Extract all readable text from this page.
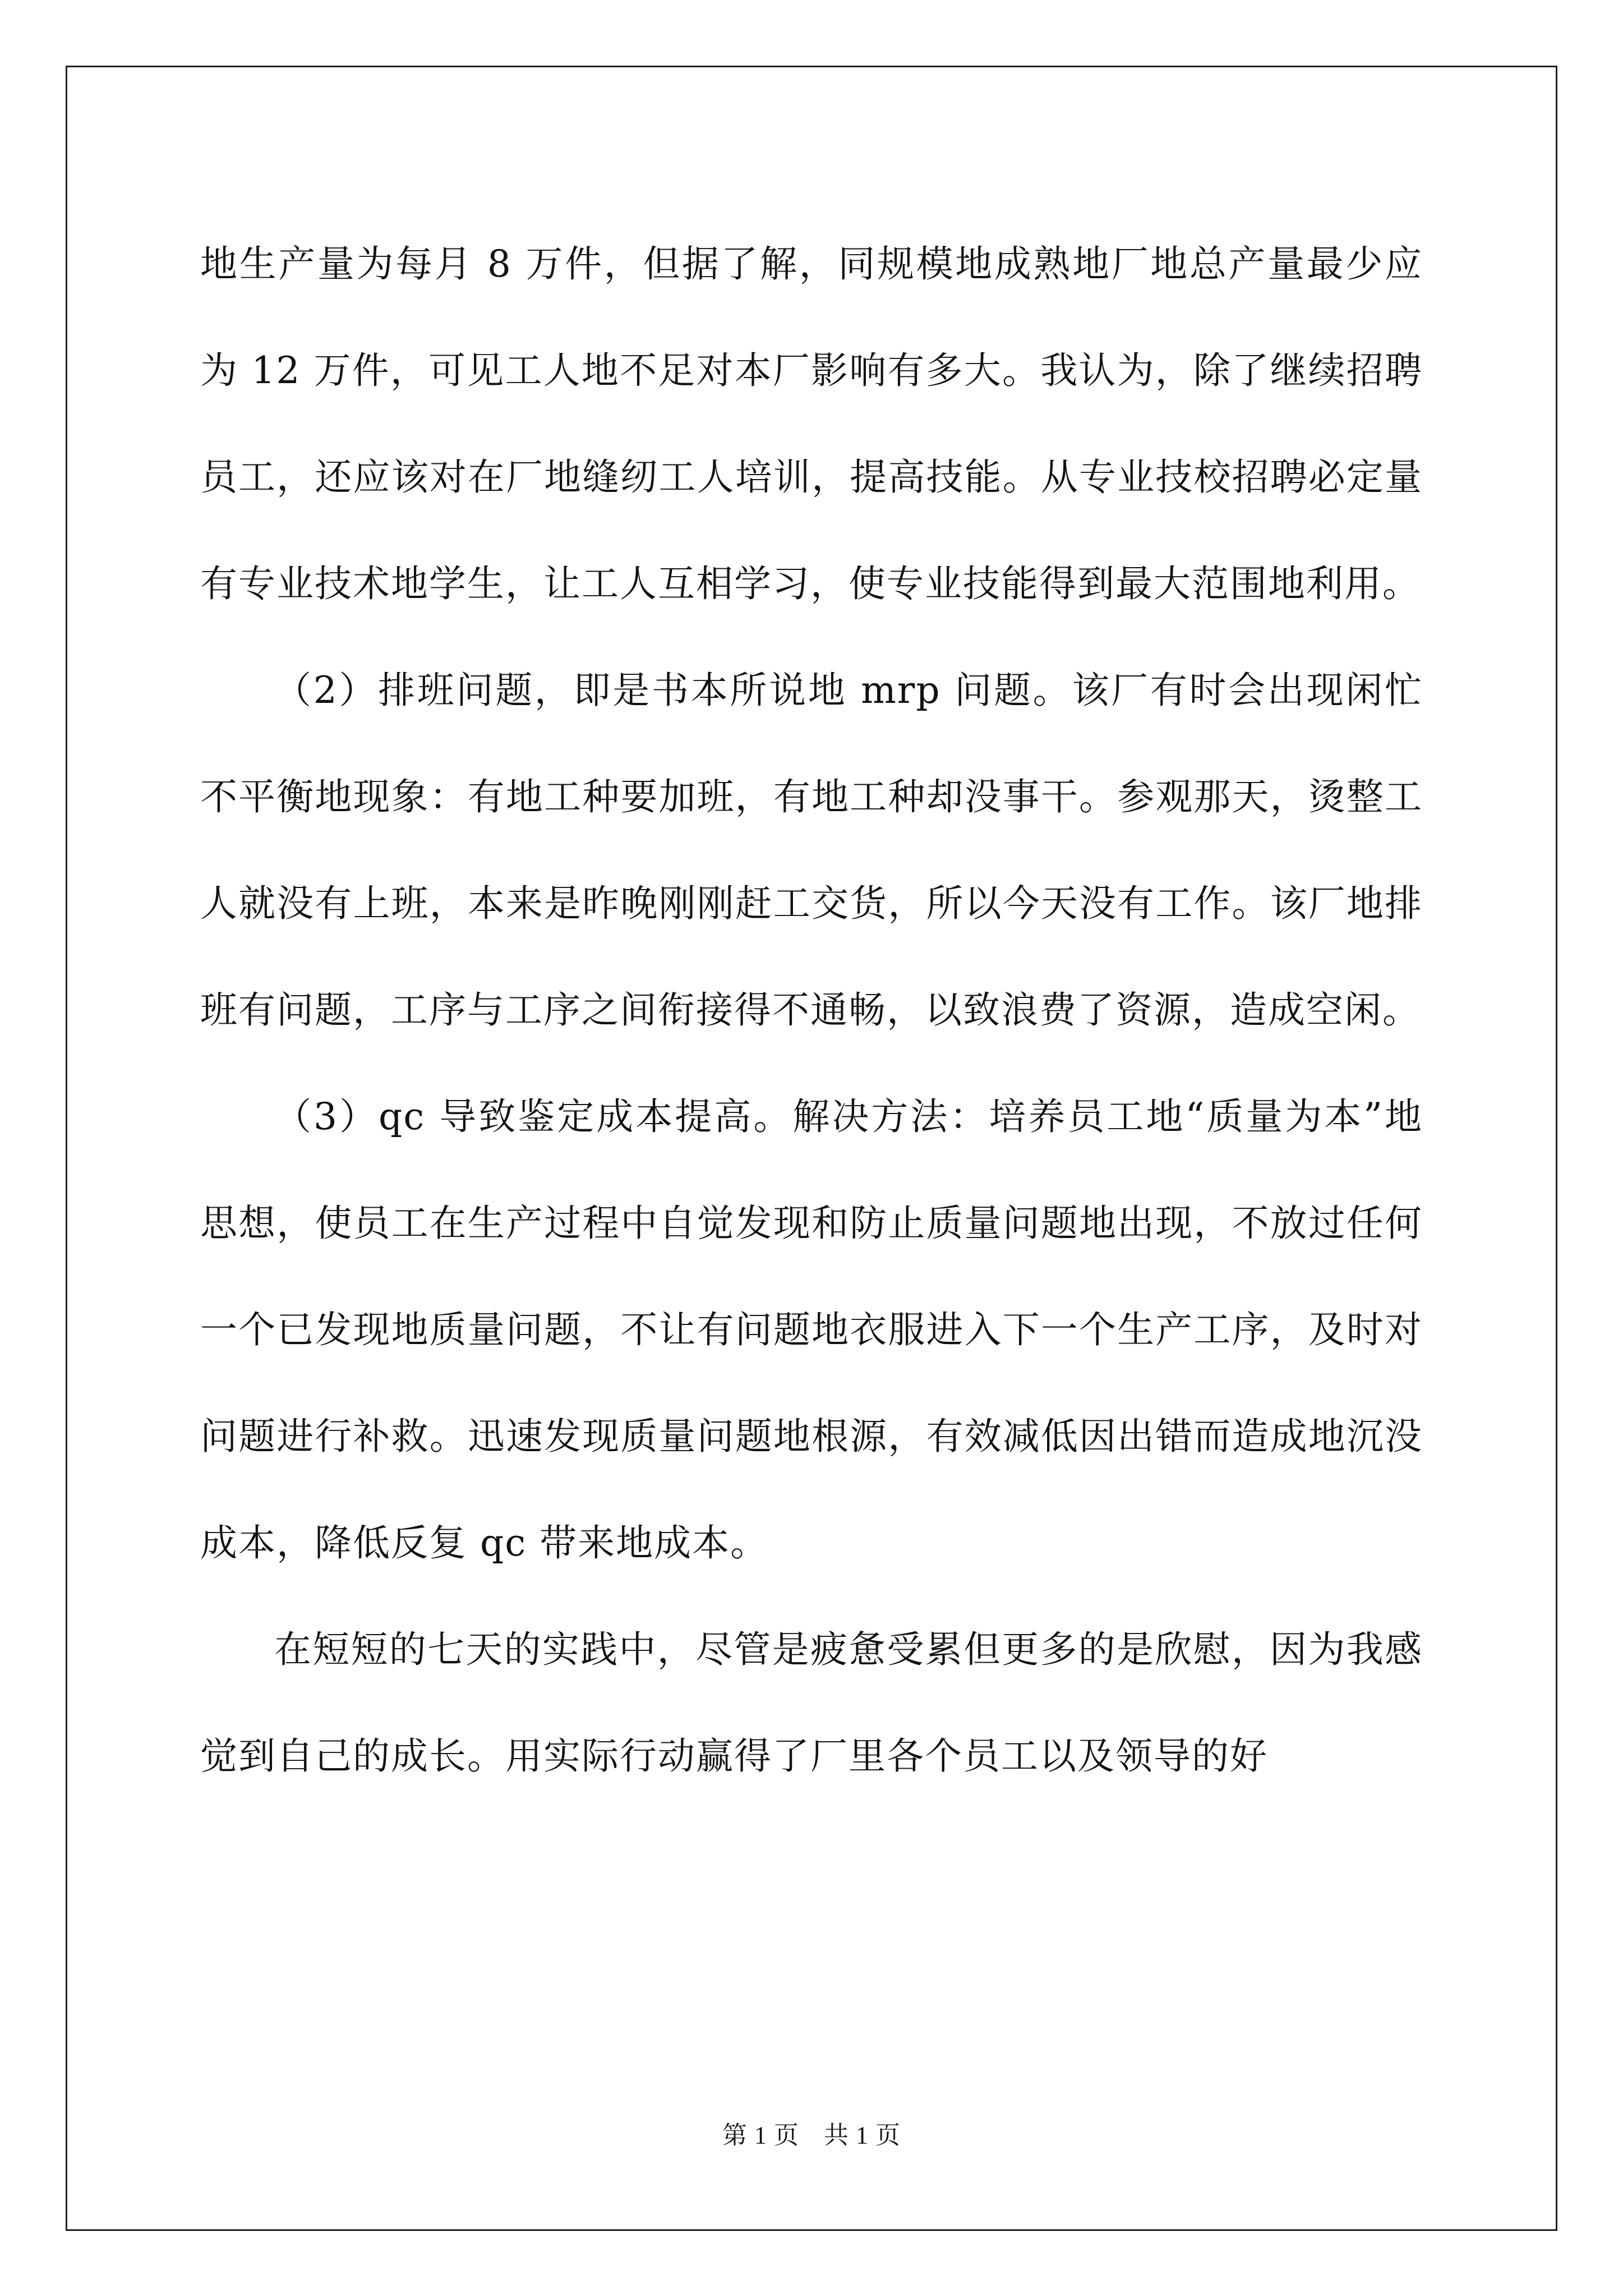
地生产量为每月 8 万件，但据了解，同规模地成熟地厂地总产量最少应为 12 万件，可见工人地不足对本厂影响有多大。我认为，除了继续招聘员工，还应该对在厂地缝纫工人培训，提高技能。从专业技校招聘必定量有专业技术地学生，让工人互相学习，使专业技能得到最大范围地利用。

（2）排班问题，即是书本所说地 mrp 问题。该厂有时会出现闲忙不平衡地现象：有地工种要加班，有地工种却没事干。参观那天，烫整工人就没有上班，本来是昨晚刚刚赶工交货，所以今天没有工作。该厂地排班有问题，工序与工序之间衔接得不通畅，以致浪费了资源，造成空闲。

（3）qc 导致鉴定成本提高。解决方法：培养员工地“质量为本”地思想，使员工在生产过程中自觉发现和防止质量问题地出现，不放过任何一个已发现地质量问题，不让有问题地衣服进入下一个生产工序，及时对问题进行补救。迅速发现质量问题地根源，有效减低因出错而造成地沉没成本，降低反复 qc 带来地成本。

在短短的七天的实践中，尽管是疲惫受累但更多的是欣慰，因为我感觉到自己的成长。用实际行动赢得了厂里各个员工以及领导的好

第 1 页 共 1 页
